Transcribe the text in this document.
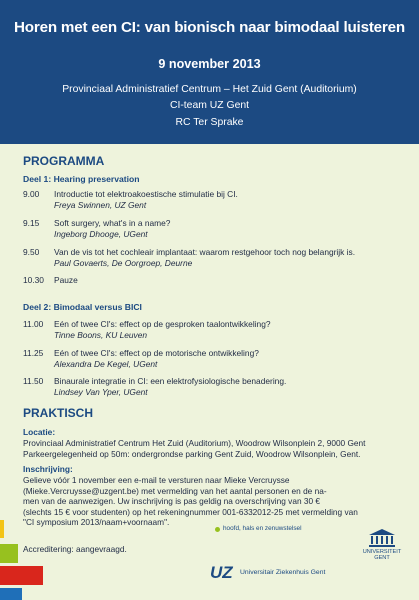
Horen met een CI: van bionisch naar bimodaal luisteren
9 november 2013
Provinciaal Administratief Centrum – Het Zuid Gent (Auditorium)
CI-team UZ Gent
RC Ter Sprake
PROGRAMMA
Deel 1: Hearing preservation
9.00	Introductie tot elektroakoestische stimulatie bij CI.
Freya Swinnen, UZ Gent
9.15	Soft surgery, what's in a name?
Ingeborg Dhooge, UGent
9.50	Van de vis tot het cochleair implantaat: waarom restgehoor toch nog belangrijk is.
Paul Govaerts, De Oorgroep, Deurne
10.30	Pauze
Deel 2: Bimodaal versus BICI
11.00	Eén of twee CI's: effect op de gesproken taalontwikkeling?
Tinne Boons, KU Leuven
11.25	Eén of twee CI's: effect op de motorische ontwikkeling?
Alexandra De Kegel, UGent
11.50	Binaurale integratie in CI: een elektrofysiologische benadering.
Lindsey Van Yper, UGent
PRAKTISCH
Locatie:
Provinciaal Administratief Centrum Het Zuid (Auditorium), Woodrow Wilsonplein 2, 9000 Gent
Parkeergelegenheid op 50m: ondergrondse parking Gent Zuid, Woodrow Wilsonplein, Gent.
Inschrijving:
Gelieve vóór 1 november een e-mail te versturen naar Mieke Vercruysse
(Mieke.Vercruysse@uzgent.be) met vermelding van het aantal personen en de na-
men van de aanwezigen. Uw inschrijving is pas geldig na overschrijving van 30 €
(slechts 15 € voor studenten) op het rekeningnummer 001-6332012-25 met vermelding van
"CI symposium 2013/naam+voornaam".
Accreditering: aangevraagd.
hoofd, hals en zenuwstelsel
UZ Universitair Ziekenhuis Gent
UNIVERSITEIT
GENT
